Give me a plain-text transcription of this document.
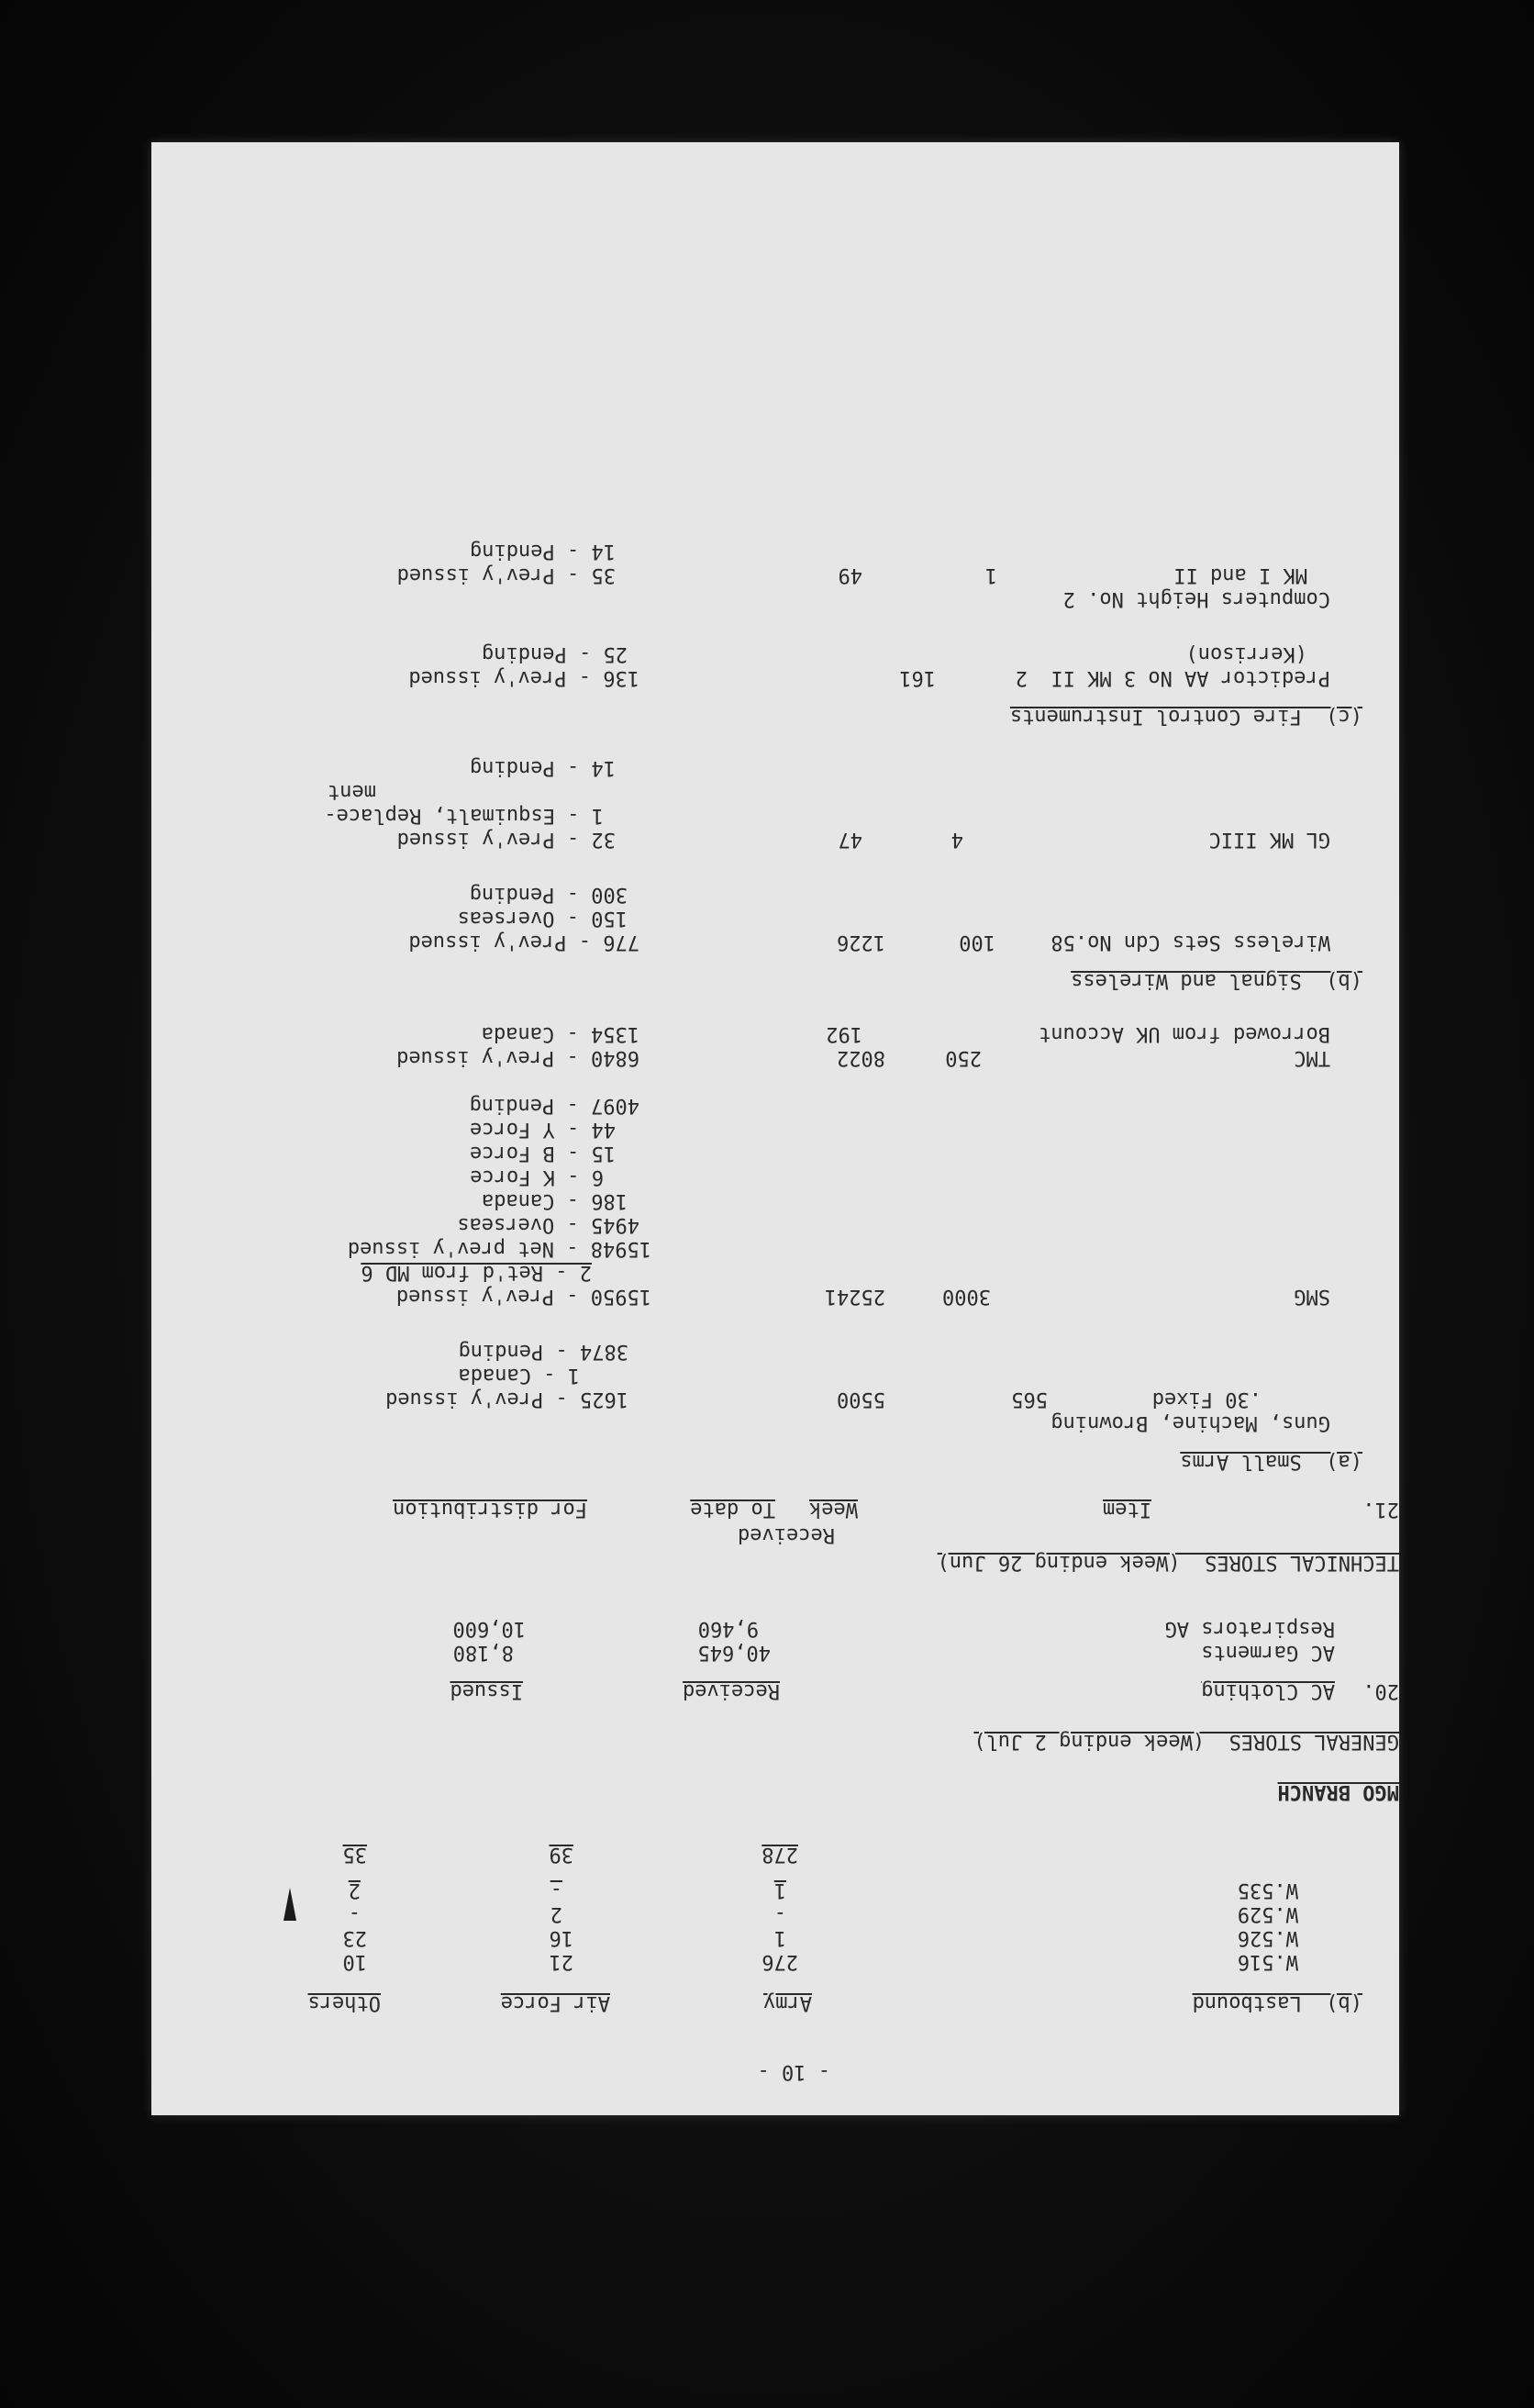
- 10 -
(b)  Lastbound
Army
Air Force
Others
W.516
276
21
10
W.526
1
16
23
W.529
-
2
-
W.535
1
-
2
278
39
35
MGO BRANCH
GENERAL STORES  (Week ending 2 Jul)
20.
AC Clothing
Received
Issued
AC Garments
40,645
8,180
Respirators AG
9,460
10,600
TECHNICAL STORES  (Week ending 26 Jun)
Received
21.
Item
Week
To date
For distribution
(a)  Small Arms
Guns, Machine, Browning
.30 Fixed
565
5500
1625 - Prev'y issued
1 - Canada
3874 - Pending
SMG
3000
25241
15950 - Prev'y issued
2 - Ret'd from MD 6
15948 - Net prev'y issued
4945 - Overseas
186 - Canada
6 - K Force
15 - B Force
44 - Y Force
4097 - Pending
TMC
250
8022
6840 - Prev'y issued
Borrowed from UK Account
192
1354 - Canada
(b)  Signal and Wireless
Wireless Sets Cdn No.58
100
1226
776 - Prev'y issued
150 - Overseas
300 - Pending
GL MK IIIC
4
47
32 - Prev'y issued
1 - Esquimalt, Replace-
ment
14 - Pending
(c)  Fire Control Instruments
Predictor AA No 3 MK II
2
161
136 - Prev'y issued
(Kerrison)
25 - Pending
Computers Height No. 2
MK I and II
1
49
35 - Prev'y issued
14 - Pending
